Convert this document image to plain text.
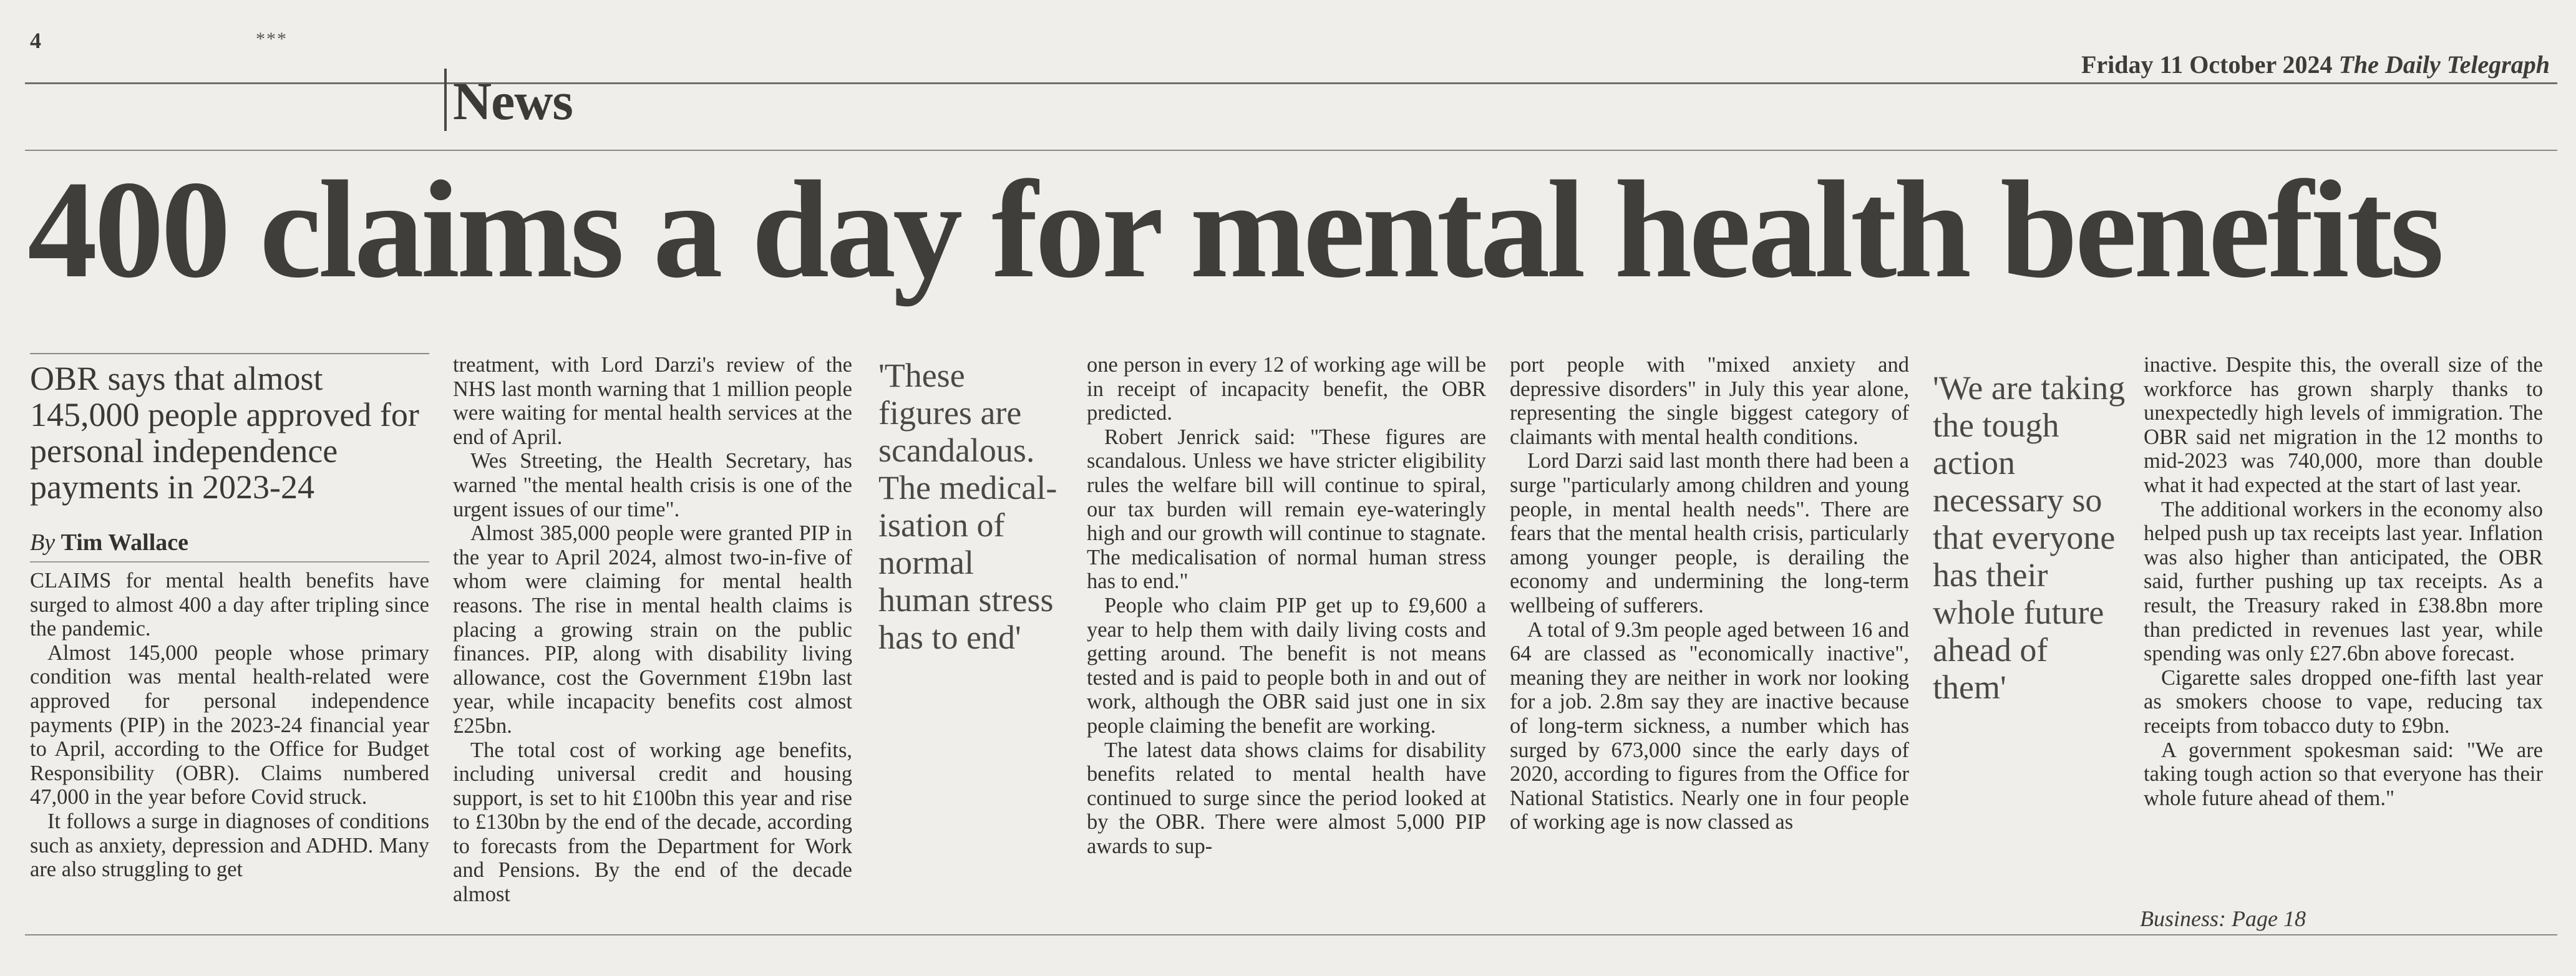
4	***
Friday 11 October 2024 The Daily Telegraph
News
400 claims a day for mental health benefits
OBR says that almost 145,000 people approved for personal independence payments in 2023-24
By Tim Wallace

CLAIMS for mental health benefits have surged to almost 400 a day after tripling since the pandemic.

Almost 145,000 people whose primary condition was mental health-related were approved for personal independence payments (PIP) in the 2023-24 financial year to April, according to the Office for Budget Responsibility (OBR). Claims numbered 47,000 in the year before Covid struck.

It follows a surge in diagnoses of conditions such as anxiety, depression and ADHD. Many are also struggling to get

treatment, with Lord Darzi's review of the NHS last month warning that 1 million people were waiting for mental health services at the end of April.

Wes Streeting, the Health Secretary, has warned "the mental health crisis is one of the urgent issues of our time".

Almost 385,000 people were granted PIP in the year to April 2024, almost two-in-five of whom were claiming for mental health reasons. The rise in mental health claims is placing a growing strain on the public finances. PIP, along with disability living allowance, cost the Government £19bn last year, while incapacity benefits cost almost £25bn.

The total cost of working age benefits, including universal credit and housing support, is set to hit £100bn this year and rise to £130bn by the end of the decade, according to forecasts from the Department for Work and Pensions. By the end of the decade almost

'These figures are scandalous. The medical-isation of normal human stress has to end'

one person in every 12 of working age will be in receipt of incapacity benefit, the OBR predicted.

Robert Jenrick said: "These figures are scandalous. Unless we have stricter eligibility rules the welfare bill will continue to spiral, our tax burden will remain eye-wateringly high and our growth will continue to stagnate. The medicalisation of normal human stress has to end."

People who claim PIP get up to £9,600 a year to help them with daily living costs and getting around. The benefit is not means tested and is paid to people both in and out of work, although the OBR said just one in six people claiming the benefit are working.

The latest data shows claims for disability benefits related to mental health have continued to surge since the period looked at by the OBR. There were almost 5,000 PIP awards to sup-

port people with "mixed anxiety and depressive disorders" in July this year alone, representing the single biggest category of claimants with mental health conditions.

Lord Darzi said last month there had been a surge "particularly among children and young people, in mental health needs". There are fears that the mental health crisis, particularly among younger people, is derailing the economy and undermining the long-term wellbeing of sufferers.

A total of 9.3m people aged between 16 and 64 are classed as "economically inactive", meaning they are neither in work nor looking for a job. 2.8m say they are inactive because of long-term sickness, a number which has surged by 673,000 since the early days of 2020, according to figures from the Office for National Statistics. Nearly one in four people of working age is now classed as

'We are taking the tough action necessary so that everyone has their whole future ahead of them'

inactive. Despite this, the overall size of the workforce has grown sharply thanks to unexpectedly high levels of immigration. The OBR said net migration in the 12 months to mid-2023 was 740,000, more than double what it had expected at the start of last year.

The additional workers in the economy also helped push up tax receipts last year. Inflation was also higher than anticipated, the OBR said, further pushing up tax receipts. As a result, the Treasury raked in £38.8bn more than predicted in revenues last year, while spending was only £27.6bn above forecast.

Cigarette sales dropped one-fifth last year as smokers choose to vape, reducing tax receipts from tobacco duty to £9bn.

A government spokesman said: "We are taking tough action so that everyone has their whole future ahead of them."

Business: Page 18
